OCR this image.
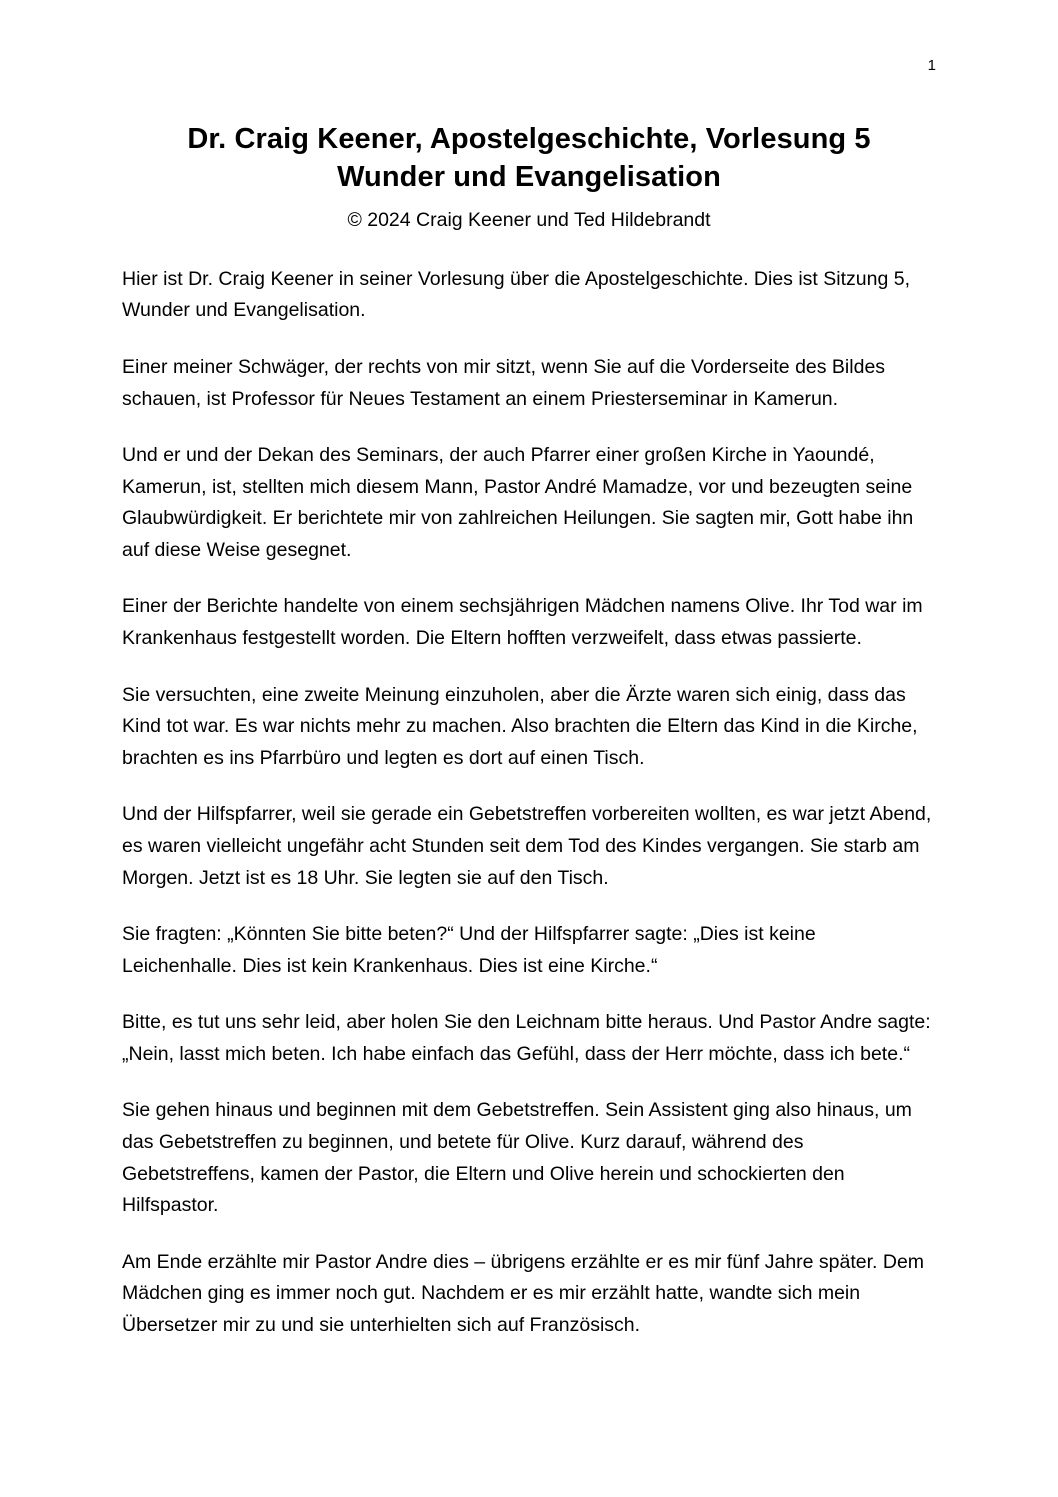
1
Dr. Craig Keener, Apostelgeschichte, Vorlesung 5
Wunder und Evangelisation

© 2024 Craig Keener und Ted Hildebrandt

Hier ist Dr. Craig Keener in seiner Vorlesung über die Apostelgeschichte. Dies ist Sitzung 5, Wunder und Evangelisation.

Einer meiner Schwäger, der rechts von mir sitzt, wenn Sie auf die Vorderseite des Bildes schauen, ist Professor für Neues Testament an einem Priesterseminar in Kamerun.

Und er und der Dekan des Seminars, der auch Pfarrer einer großen Kirche in Yaoundé, Kamerun, ist, stellten mich diesem Mann, Pastor André Mamadze, vor und bezeugten seine Glaubwürdigkeit. Er berichtete mir von zahlreichen Heilungen. Sie sagten mir, Gott habe ihn auf diese Weise gesegnet.

Einer der Berichte handelte von einem sechsjährigen Mädchen namens Olive. Ihr Tod war im Krankenhaus festgestellt worden. Die Eltern hofften verzweifelt, dass etwas passierte.

Sie versuchten, eine zweite Meinung einzuholen, aber die Ärzte waren sich einig, dass das Kind tot war. Es war nichts mehr zu machen. Also brachten die Eltern das Kind in die Kirche, brachten es ins Pfarrbüro und legten es dort auf einen Tisch.

Und der Hilfspfarrer, weil sie gerade ein Gebetstreffen vorbereiten wollten, es war jetzt Abend, es waren vielleicht ungefähr acht Stunden seit dem Tod des Kindes vergangen. Sie starb am Morgen. Jetzt ist es 18 Uhr. Sie legten sie auf den Tisch.

Sie fragten: „Könnten Sie bitte beten?“ Und der Hilfspfarrer sagte: „Dies ist keine Leichenhalle. Dies ist kein Krankenhaus. Dies ist eine Kirche.“

Bitte, es tut uns sehr leid, aber holen Sie den Leichnam bitte heraus. Und Pastor Andre sagte: „Nein, lasst mich beten. Ich habe einfach das Gefühl, dass der Herr möchte, dass ich bete.“

Sie gehen hinaus und beginnen mit dem Gebetstreffen. Sein Assistent ging also hinaus, um das Gebetstreffen zu beginnen, und betete für Olive. Kurz darauf, während des Gebetstreffens, kamen der Pastor, die Eltern und Olive herein und schockierten den Hilfspastor.

Am Ende erzählte mir Pastor Andre dies – übrigens erzählte er es mir fünf Jahre später. Dem Mädchen ging es immer noch gut. Nachdem er es mir erzählt hatte, wandte sich mein Übersetzer mir zu und sie unterhielten sich auf Französisch.
